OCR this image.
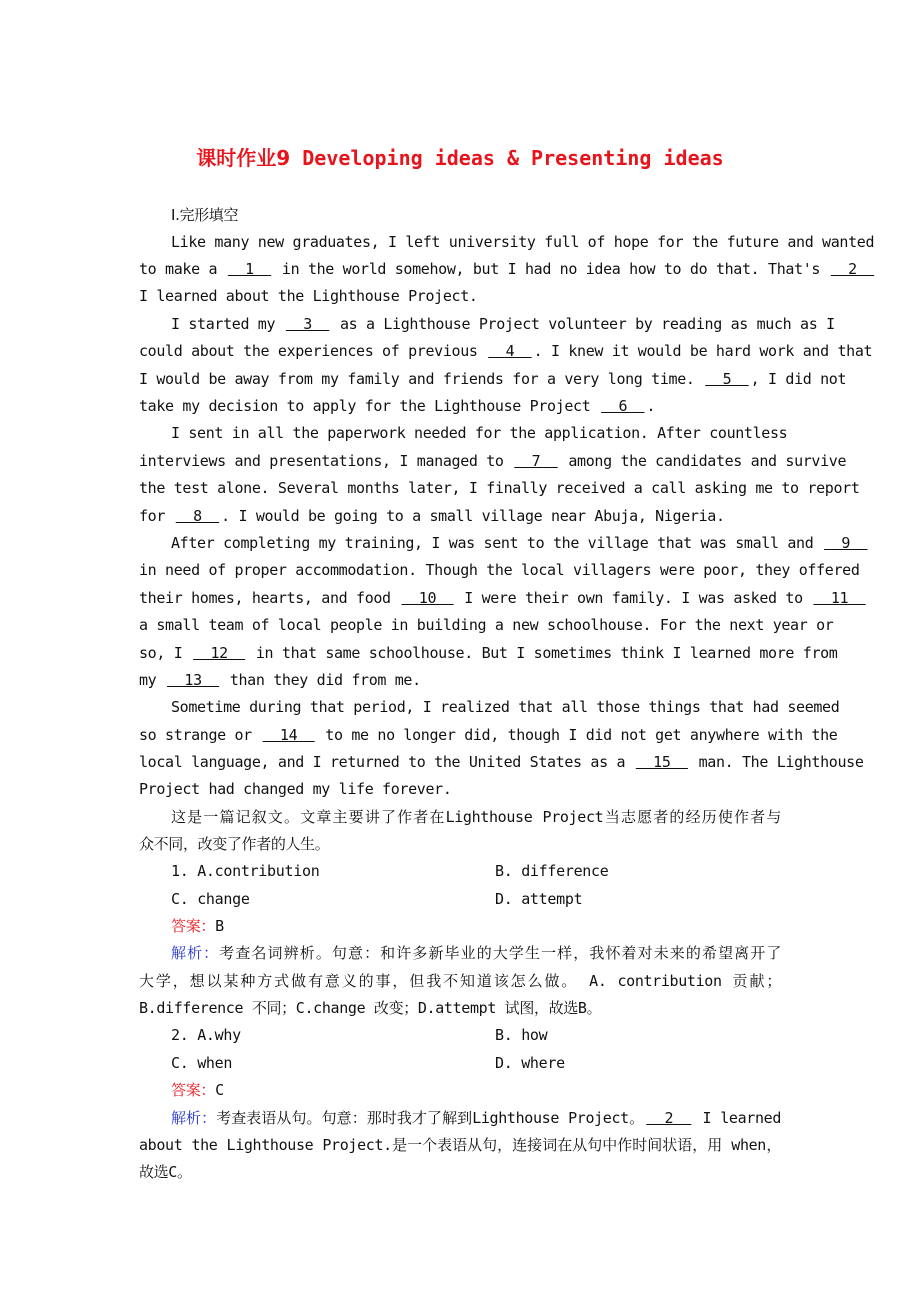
课时作业9 Developing ideas & Presenting ideas
Ⅰ.完形填空
Like many new graduates, I left university full of hope for the future and wanted
to make a   1   in the world somehow, but I had no idea how to do that. That's   2
I learned about the Lighthouse Project.
I started my   3   as a Lighthouse Project volunteer by reading as much as I
could about the experiences of previous   4  . I knew it would be hard work and that
I would be away from my family and friends for a very long time.   5  , I did not
take my decision to apply for the Lighthouse Project   6  .
I sent in all the paperwork needed for the application. After countless
interviews and presentations, I managed to   7   among the candidates and survive
the test alone. Several months later, I finally received a call asking me to report
for   8  . I would be going to a small village near Abuja, Nigeria.
After completing my training, I was sent to the village that was small and   9
in need of proper accommodation. Though the local villagers were poor, they offered
their homes, hearts, and food   10   I were their own family. I was asked to   11
a small team of local people in building a new schoolhouse. For the next year or
so, I   12   in that same schoolhouse. But I sometimes think I learned more from
my   13   than they did from me.
Sometime during that period, I realized that all those things that had seemed
so strange or   14   to me no longer did, though I did not get anywhere with the
local language, and I returned to the United States as a   15   man. The Lighthouse
Project had changed my life forever.
这是一篇记叙文。文章主要讲了作者在Lighthouse Project当志愿者的经历使作者与
众不同，改变了作者的人生。
1. A.contribution	B. difference
C. change	D. attempt
答案：B
解析：考查名词辨析。句意：和许多新毕业的大学生一样，我怀着对未来的希望离开了
大学，想以某种方式做有意义的事，但我不知道该怎么做。 A. contribution 贡献；
B.difference 不同；C.change 改变；D.attempt 试图，故选B。
2. A.why	B. how
C. when	D. where
答案：C
解析：考查表语从句。句意：那时我才了解到Lighthouse Project。  2   I learned
about the Lighthouse Project.是一个表语从句，连接词在从句中作时间状语，用 when，
故选C。
